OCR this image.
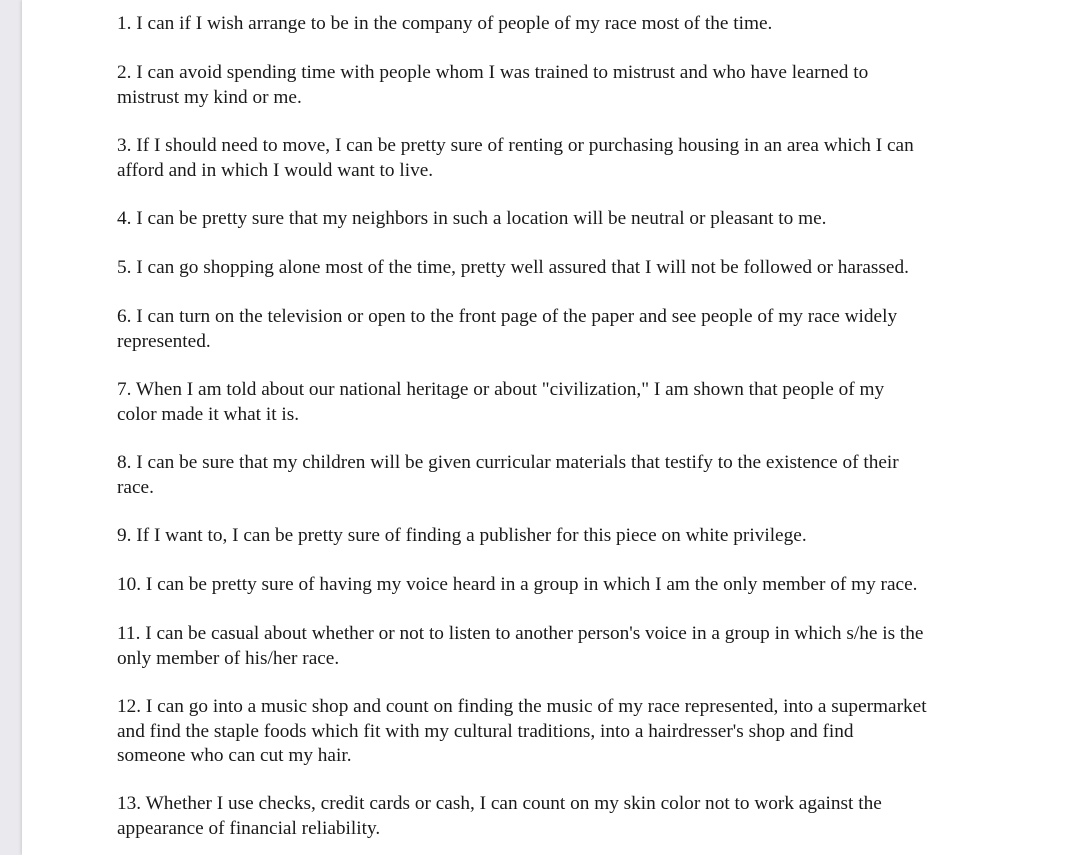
1. I can if I wish arrange to be in the company of people of my race most of the time.
2. I can avoid spending time with people whom I was trained to mistrust and who have learned to
mistrust my kind or me.
3. If I should need to move, I can be pretty sure of renting or purchasing housing in an area which I can
afford and in which I would want to live.
4. I can be pretty sure that my neighbors in such a location will be neutral or pleasant to me.
5. I can go shopping alone most of the time, pretty well assured that I will not be followed or harassed.
6. I can turn on the television or open to the front page of the paper and see people of my race widely
represented.
7. When I am told about our national heritage or about "civilization," I am shown that people of my
color made it what it is.
8. I can be sure that my children will be given curricular materials that testify to the existence of their
race.
9. If I want to, I can be pretty sure of finding a publisher for this piece on white privilege.
10. I can be pretty sure of having my voice heard in a group in which I am the only member of my race.
11. I can be casual about whether or not to listen to another person's voice in a group in which s/he is the
only member of his/her race.
12. I can go into a music shop and count on finding the music of my race represented, into a supermarket
and find the staple foods which fit with my cultural traditions, into a hairdresser's shop and find
someone who can cut my hair.
13. Whether I use checks, credit cards or cash, I can count on my skin color not to work against the
appearance of financial reliability.
